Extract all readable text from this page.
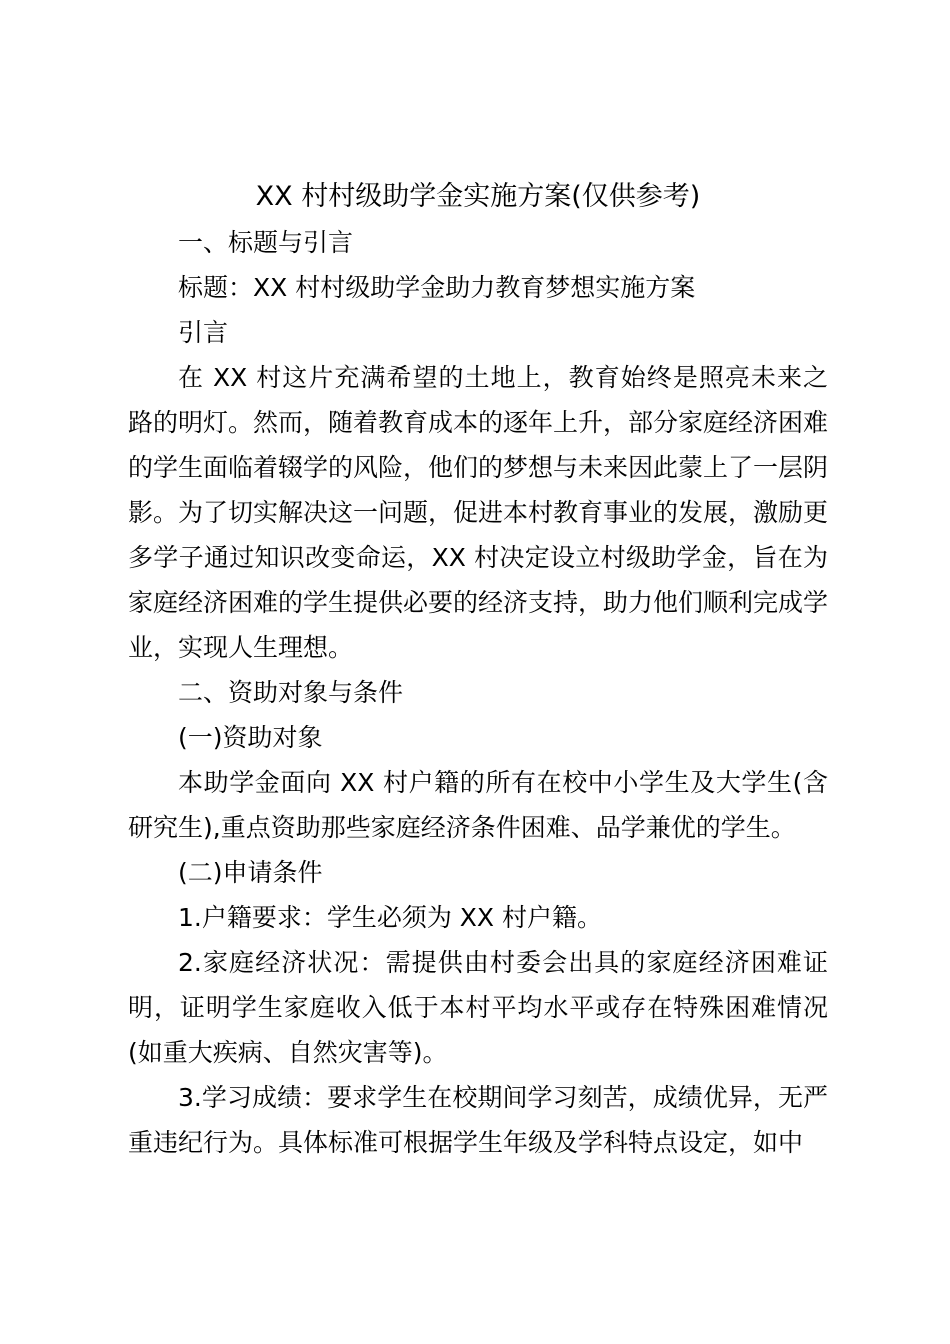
XX 村村级助学金实施方案(仅供参考)

一、标题与引言

标题：XX 村村级助学金助力教育梦想实施方案

引言

在 XX 村这片充满希望的土地上，教育始终是照亮未来之路的明灯。然而，随着教育成本的逐年上升，部分家庭经济困难的学生面临着辍学的风险，他们的梦想与未来因此蒙上了一层阴影。为了切实解决这一问题，促进本村教育事业的发展，激励更多学子通过知识改变命运，XX 村决定设立村级助学金，旨在为家庭经济困难的学生提供必要的经济支持，助力他们顺利完成学业，实现人生理想。

二、资助对象与条件

(一)资助对象

本助学金面向 XX 村户籍的所有在校中小学生及大学生(含研究生),重点资助那些家庭经济条件困难、品学兼优的学生。

(二)申请条件

1.户籍要求：学生必须为 XX 村户籍。

2.家庭经济状况：需提供由村委会出具的家庭经济困难证明，证明学生家庭收入低于本村平均水平或存在特殊困难情况(如重大疾病、自然灾害等)。

3.学习成绩：要求学生在校期间学习刻苦，成绩优异，无严重违纪行为。具体标准可根据学生年级及学科特点设定，如中
